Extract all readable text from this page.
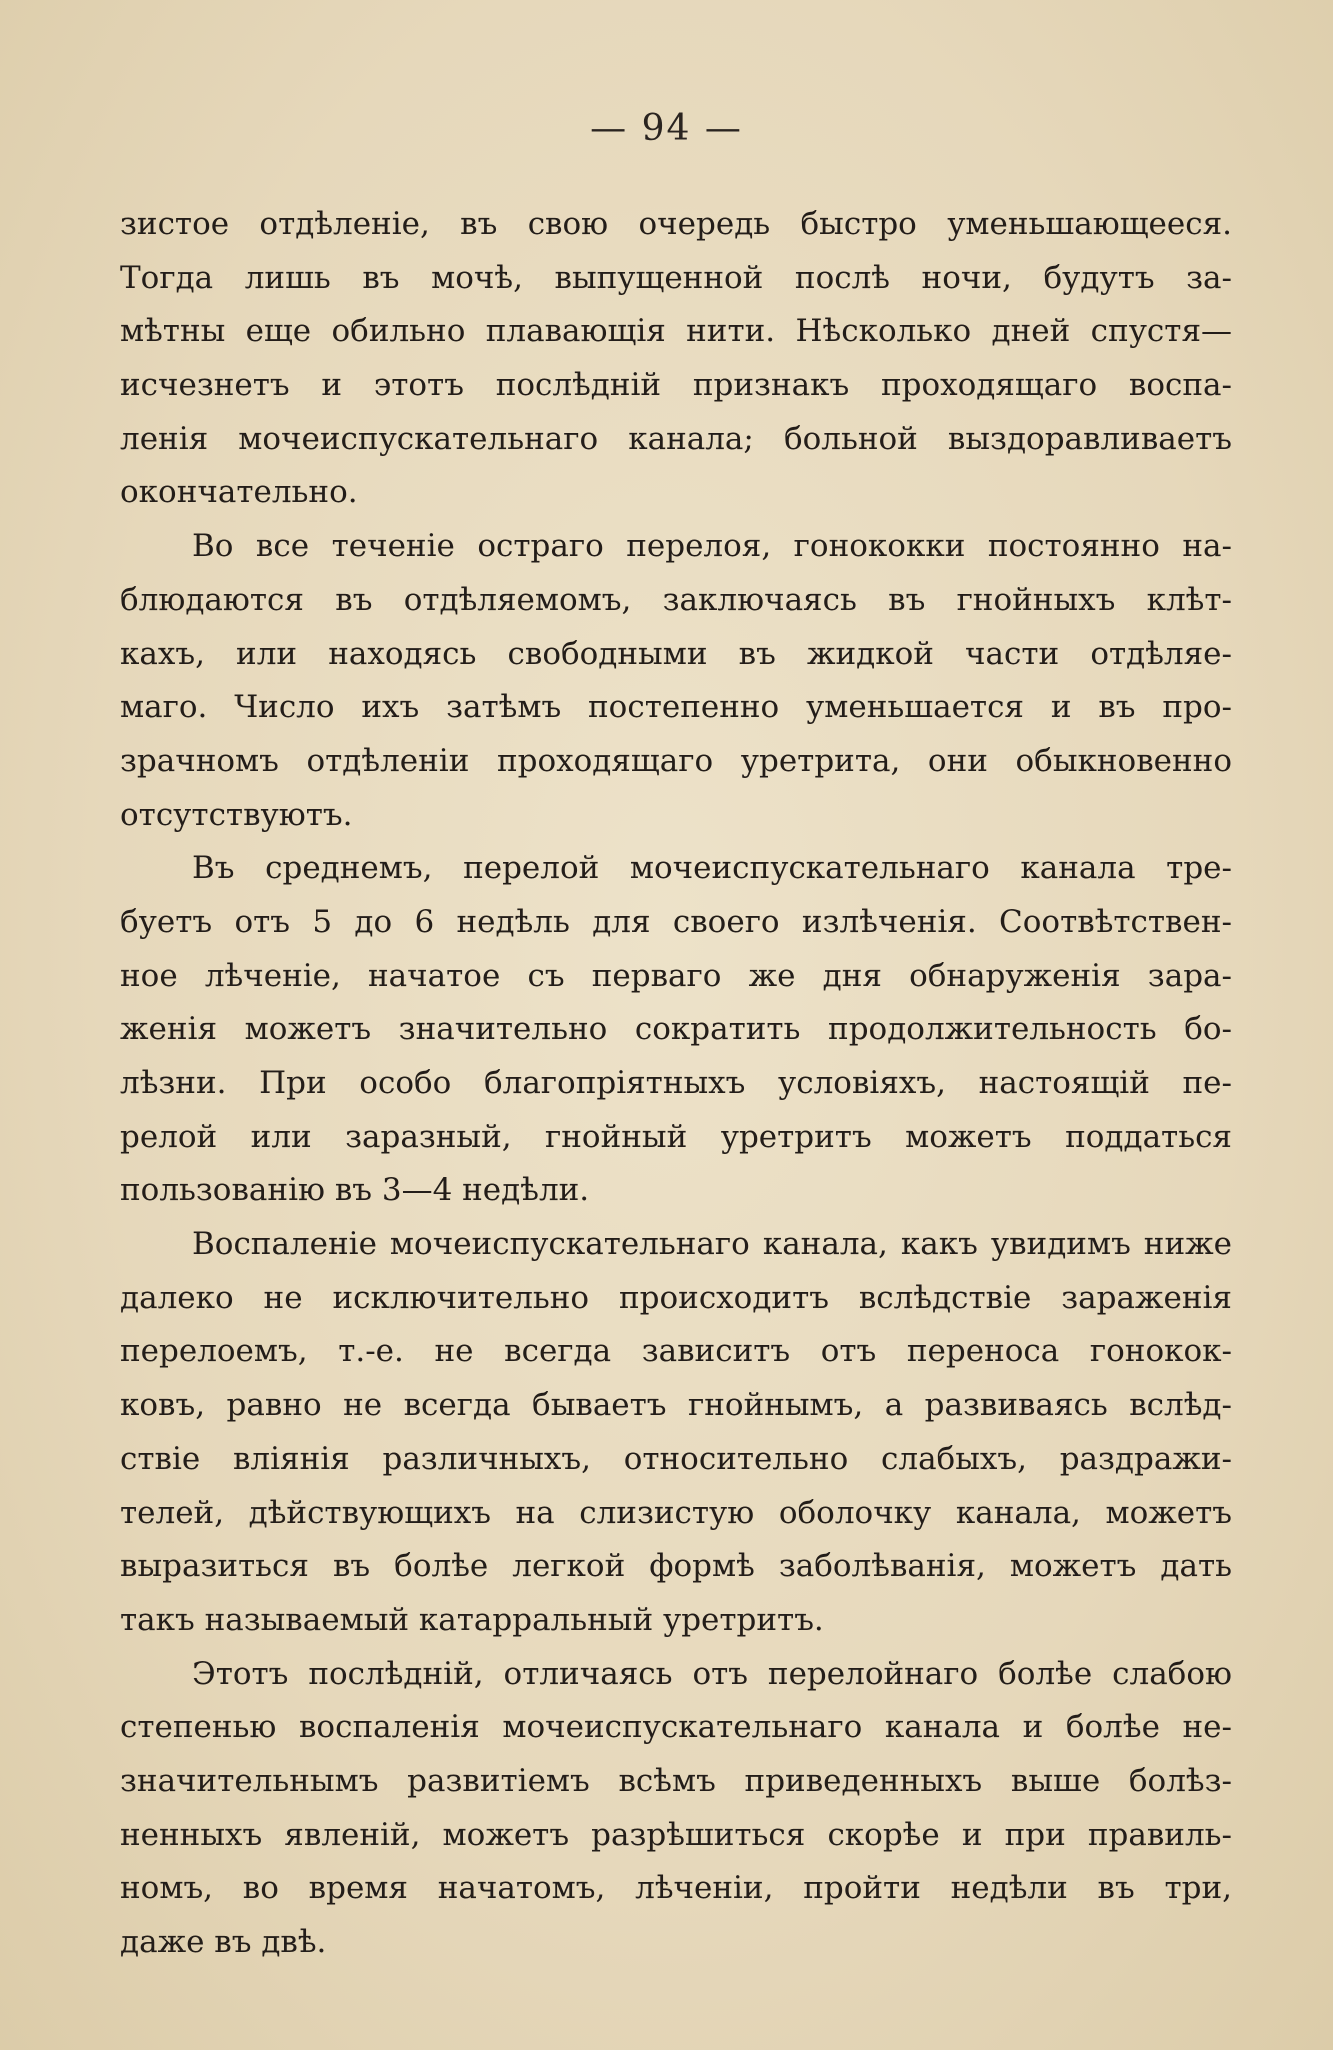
— 94 —

зистое отдѣленіе, въ свою очередь быстро уменьшающееся.
Тогда лишь въ мочѣ, выпущенной послѣ ночи, будутъ за-
мѣтны еще обильно плавающія нити. Нѣсколько дней спустя—
исчезнетъ и этотъ послѣдній признакъ проходящаго воспа-
ленія мочеиспускательнаго канала; больной выздоравливаетъ
окончательно.

Во все теченіе остраго перелоя, гонококки постоянно на-
блюдаются въ отдѣляемомъ, заключаясь въ гнойныхъ клѣт-
кахъ, или находясь свободными въ жидкой части отдѣляе-
маго. Число ихъ затѣмъ постепенно уменьшается и въ про-
зрачномъ отдѣленіи проходящаго уретрита, они обыкновенно
отсутствуютъ.

Въ среднемъ, перелой мочеиспускательнаго канала тре-
буетъ отъ 5 до 6 недѣль для своего излѣченія. Соотвѣтствен-
ное лѣченіе, начатое съ перваго же дня обнаруженія зара-
женія можетъ значительно сократить продолжительность бо-
лѣзни. При особо благопріятныхъ условіяхъ, настоящій пе-
релой или заразный, гнойный уретритъ можетъ поддаться
пользованію въ 3—4 недѣли.

Воспаленіе мочеиспускательнаго канала, какъ увидимъ ниже
далеко не исключительно происходитъ вслѣдствіе зараженія
перелоемъ, т.-е. не всегда зависитъ отъ переноса гонокок-
ковъ, равно не всегда бываетъ гнойнымъ, а развиваясь вслѣд-
ствіе вліянія различныхъ, относительно слабыхъ, раздражи-
телей, дѣйствующихъ на слизистую оболочку канала, можетъ
выразиться въ болѣе легкой формѣ заболѣванія, можетъ дать
такъ называемый катарральный уретритъ.

Этотъ послѣдній, отличаясь отъ перелойнаго болѣе слабою
степенью воспаленія мочеиспускательнаго канала и болѣе не-
значительнымъ развитіемъ всѣмъ приведенныхъ выше болѣз-
ненныхъ явленій, можетъ разрѣшиться скорѣе и при правиль-
номъ, во время начатомъ, лѣченіи, пройти недѣли въ три,
даже въ двѣ.
